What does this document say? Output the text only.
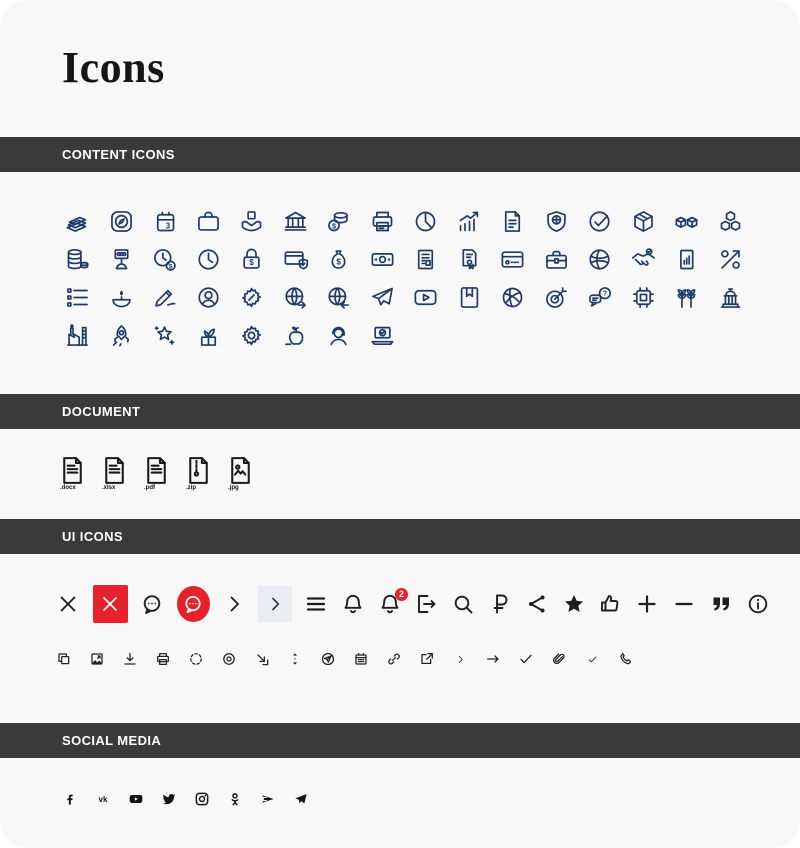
Icons
CONTENT ICONS
3	$
$	$	$
?
DOCUMENT
.docx	.xlsx	.pdf	.zip	.jpg
UI ICONS
2
SOCIAL MEDIA
vk
